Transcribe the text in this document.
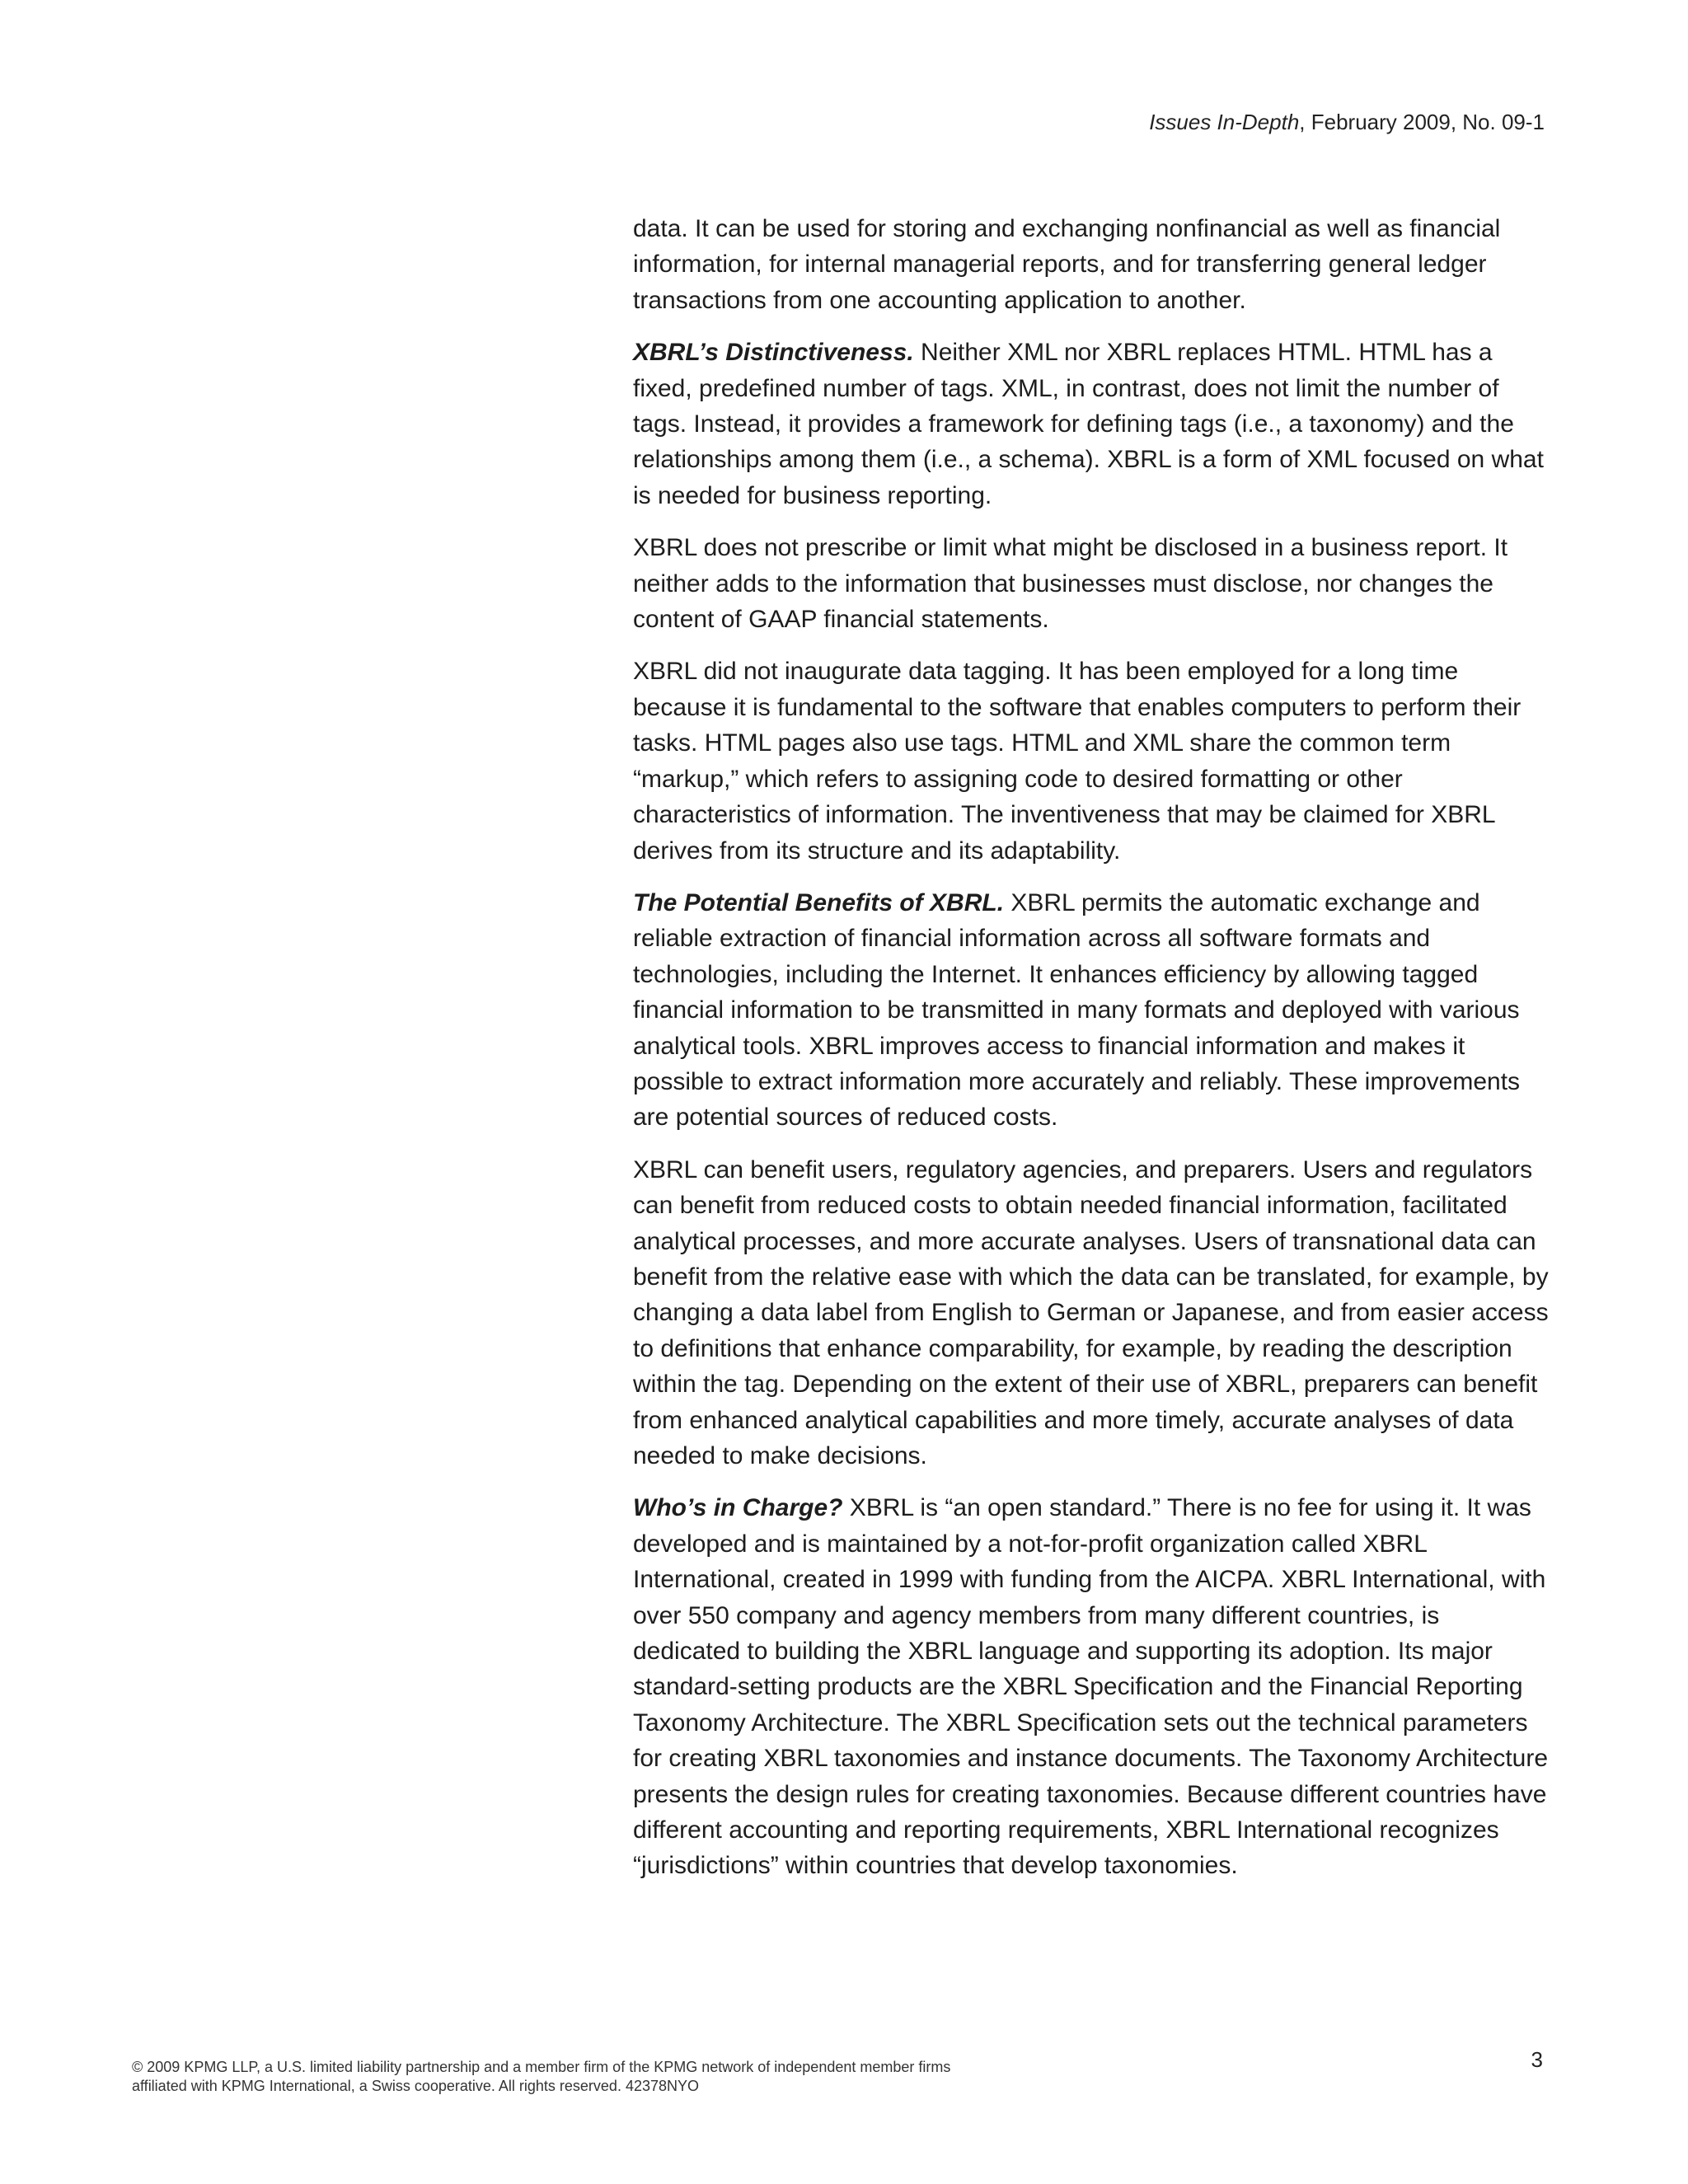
Issues In-Depth, February 2009, No. 09-1

data. It can be used for storing and exchanging nonfinancial as well as financial information, for internal managerial reports, and for transferring general ledger transactions from one accounting application to another.

XBRL’s Distinctiveness. Neither XML nor XBRL replaces HTML. HTML has a fixed, predefined number of tags. XML, in contrast, does not limit the number of tags. Instead, it provides a framework for defining tags (i.e., a taxonomy) and the relationships among them (i.e., a schema). XBRL is a form of XML focused on what is needed for business reporting.

XBRL does not prescribe or limit what might be disclosed in a business report. It neither adds to the information that businesses must disclose, nor changes the content of GAAP financial statements.

XBRL did not inaugurate data tagging. It has been employed for a long time because it is fundamental to the software that enables computers to perform their tasks. HTML pages also use tags. HTML and XML share the common term “markup,” which refers to assigning code to desired formatting or other characteristics of information. The inventiveness that may be claimed for XBRL derives from its structure and its adaptability.

The Potential Benefits of XBRL. XBRL permits the automatic exchange and reliable extraction of financial information across all software formats and technologies, including the Internet. It enhances efficiency by allowing tagged financial information to be transmitted in many formats and deployed with various analytical tools. XBRL improves access to financial information and makes it possible to extract information more accurately and reliably. These improvements are potential sources of reduced costs.

XBRL can benefit users, regulatory agencies, and preparers. Users and regulators can benefit from reduced costs to obtain needed financial information, facilitated analytical processes, and more accurate analyses. Users of transnational data can benefit from the relative ease with which the data can be translated, for example, by changing a data label from English to German or Japanese, and from easier access to definitions that enhance comparability, for example, by reading the description within the tag. Depending on the extent of their use of XBRL, preparers can benefit from enhanced analytical capabilities and more timely, accurate analyses of data needed to make decisions.

Who’s in Charge? XBRL is “an open standard.” There is no fee for using it. It was developed and is maintained by a not-for-profit organization called XBRL International, created in 1999 with funding from the AICPA. XBRL International, with over 550 company and agency members from many different countries, is dedicated to building the XBRL language and supporting its adoption. Its major standard-setting products are the XBRL Specification and the Financial Reporting Taxonomy Architecture. The XBRL Specification sets out the technical parameters for creating XBRL taxonomies and instance documents. The Taxonomy Architecture presents the design rules for creating taxonomies. Because different countries have different accounting and reporting requirements, XBRL International recognizes “jurisdictions” within countries that develop taxonomies.

© 2009 KPMG LLP, a U.S. limited liability partnership and a member firm of the KPMG network of independent member firms
affiliated with KPMG International, a Swiss cooperative. All rights reserved. 42378NYO
3
